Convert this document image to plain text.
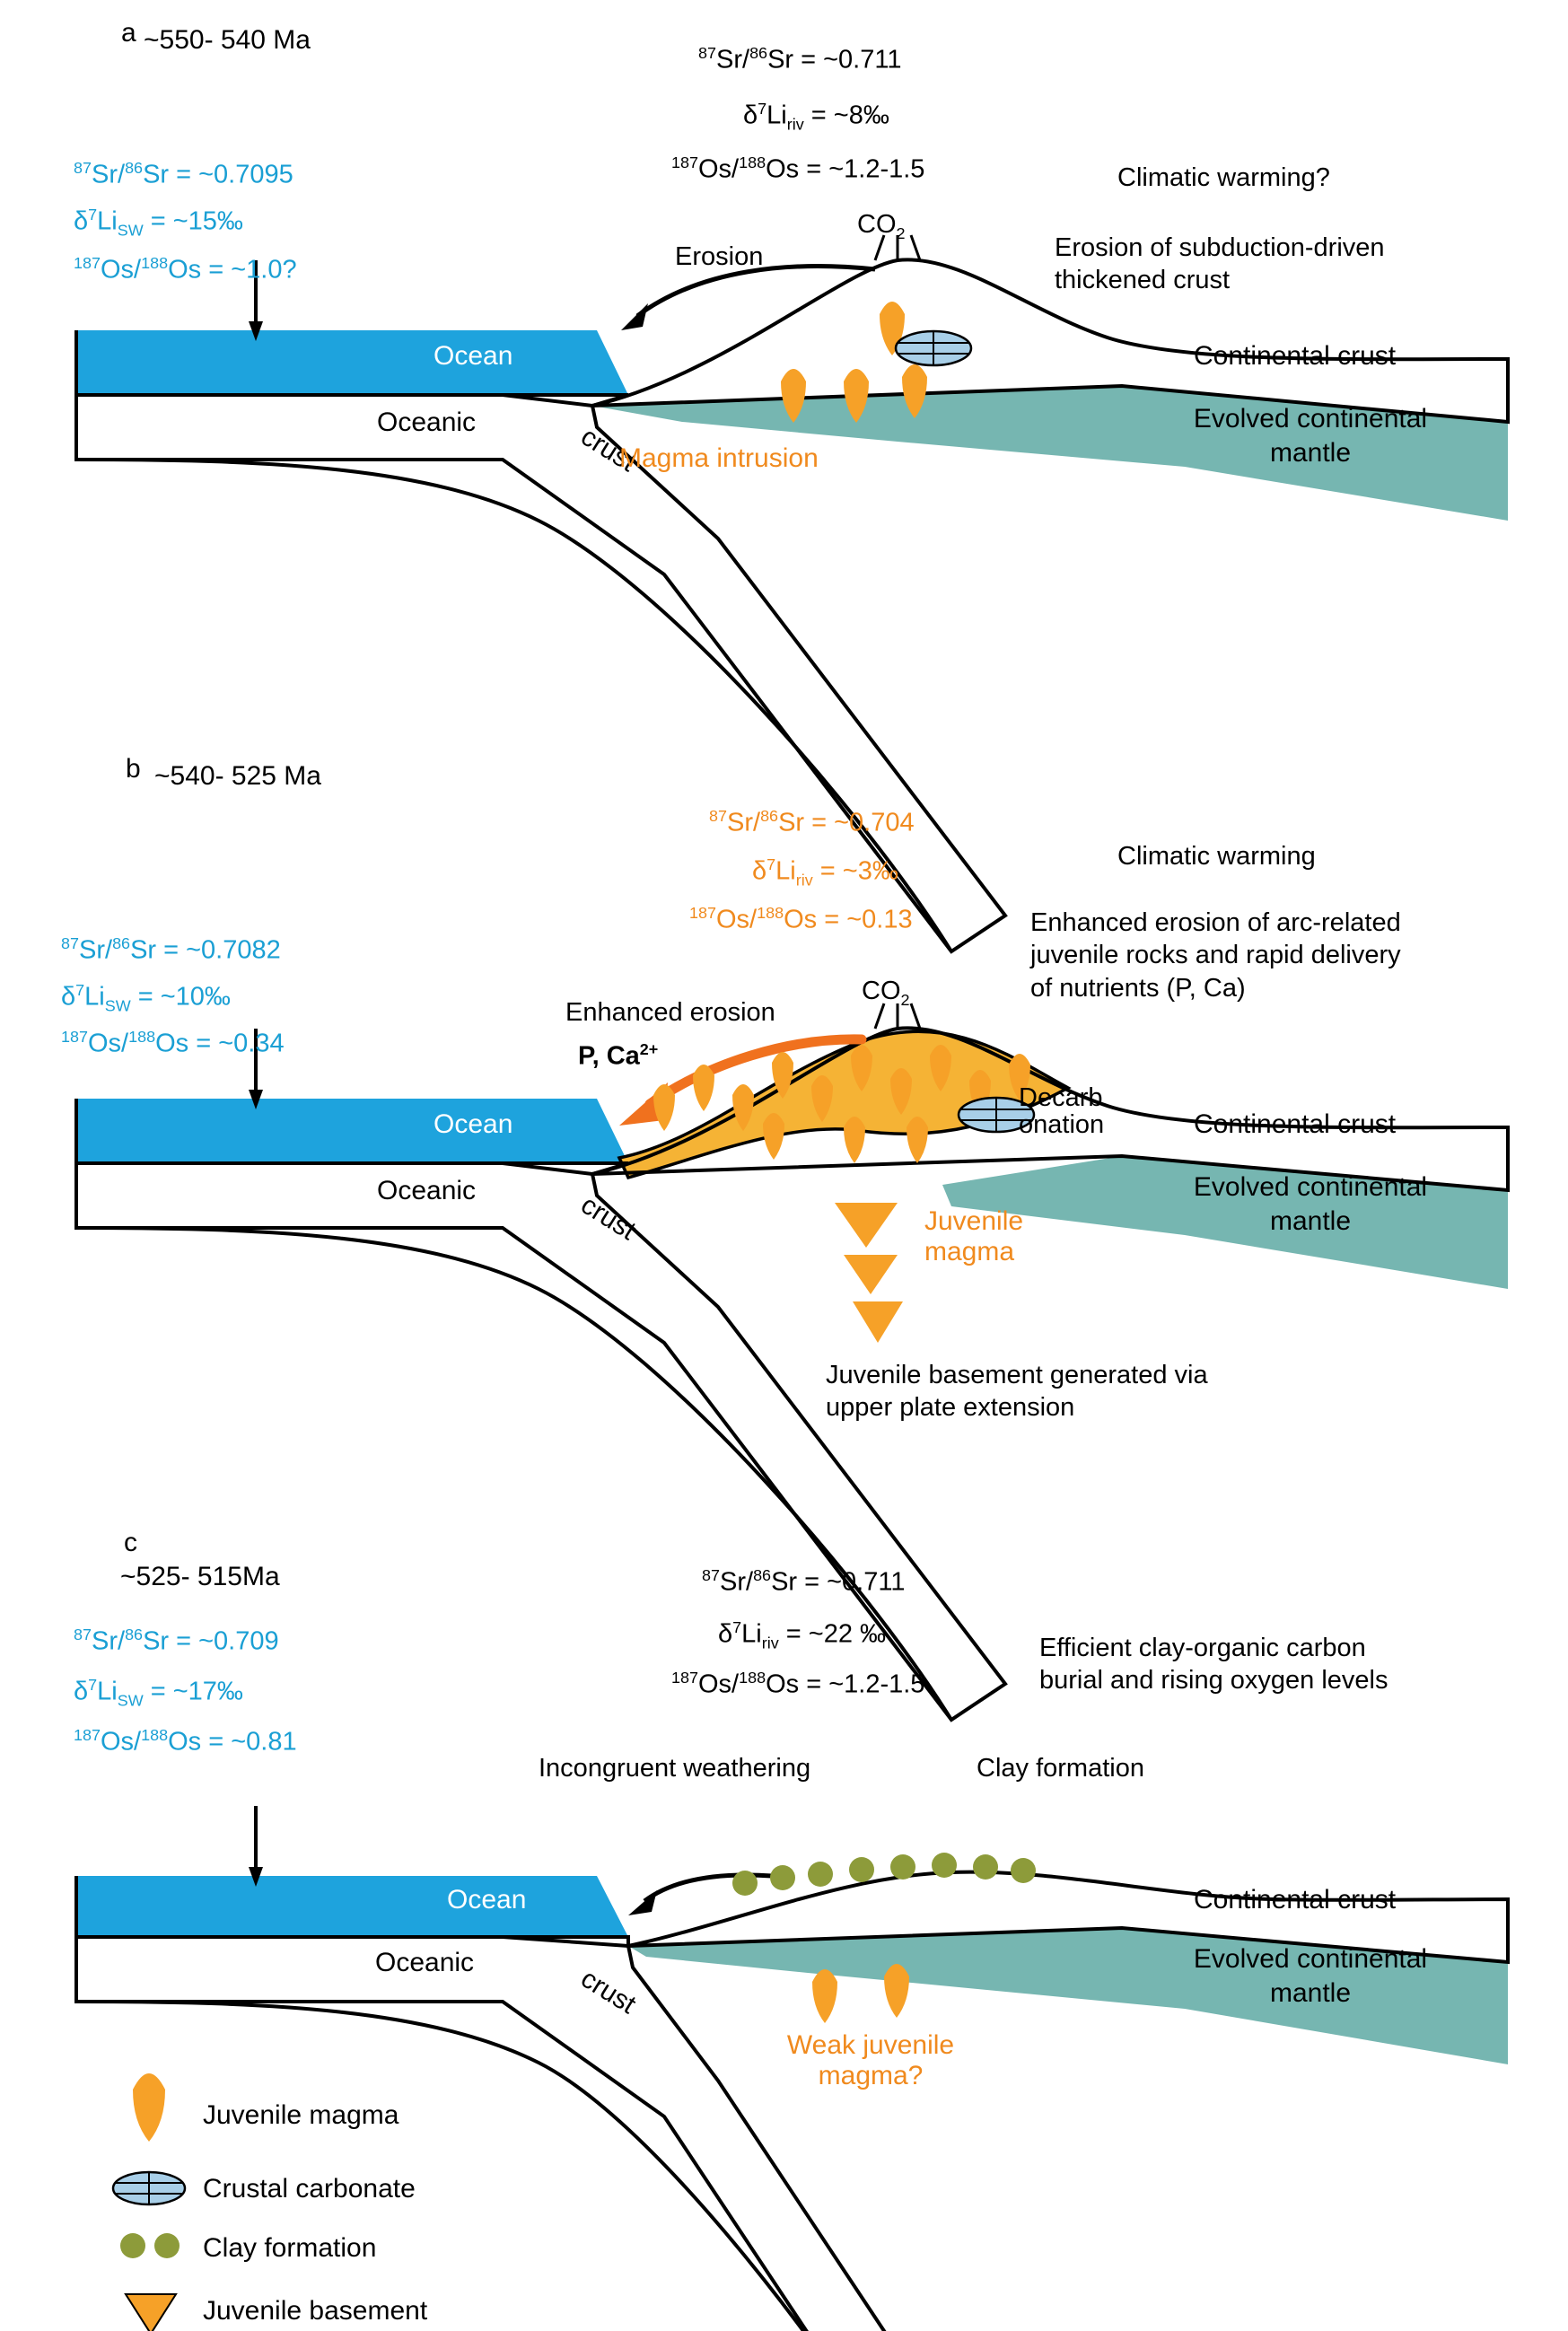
a ~550- 540 Ma	$^{87}$Sr/$^{86}$Sr = ~0.711
$\delta^7Li_{riv}$ = ~8‰
$^{187}$Os/$^{188}$Os = ~1.2-1.5
$^{87}$Sr/$^{86}$Sr = ~0.7095
$\delta^7Li_{SW}$ = ~15‰
$^{187}$Os/$^{188}$Os = ~1.0?
Climatic warming?
Erosion of subduction-driven
thickened crust
Erosion
$CO_2$
Ocean
Oceanic	crust
Continental crust
Evolved continental
mantle
Magma intrusion
b ~540- 525 Ma
$^{87}$Sr/$^{86}$Sr = ~0.704
$\delta^7Li_{riv}$ = ~3‰
$^{187}$Os/$^{188}$Os = ~0.13
$^{87}$Sr/$^{86}$Sr = ~0.7082
$\delta^7Li_{SW}$ = ~10‰
$^{187}$Os/$^{188}$Os = ~0.34
Climatic warming
Enhanced erosion of arc-related
juvenile rocks and rapid delivery
of nutrients (P, Ca)
Enhanced erosion
P, $Ca^{2+}$
$CO_2$
Decarb
onation
Juvenile
magma
Juvenile basement generated via
upper plate extension
Ocean
Oceanic	crust
Continental crust
Evolved continental
mantle
c
~525- 515Ma	$^{87}$Sr/$^{86}$Sr = ~0.711
$\delta^7Li_{riv}$ = ~22 ‰
$^{187}$Os/$^{188}$Os = ~1.2-1.5
$^{87}$Sr/$^{86}$Sr = ~0.709
$\delta^7Li_{SW}$ = ~17‰
$^{187}$Os/$^{188}$Os = ~0.81
Efficient clay-organic carbon
burial and rising oxygen levels
Incongruent weathering	Clay formation
Ocean
Oceanic
crust
Continental crust
Evolved continental
mantle
Weak juvenile
magma?
Juvenile magma
Crustal carbonate
Clay formation
Juvenile basement
